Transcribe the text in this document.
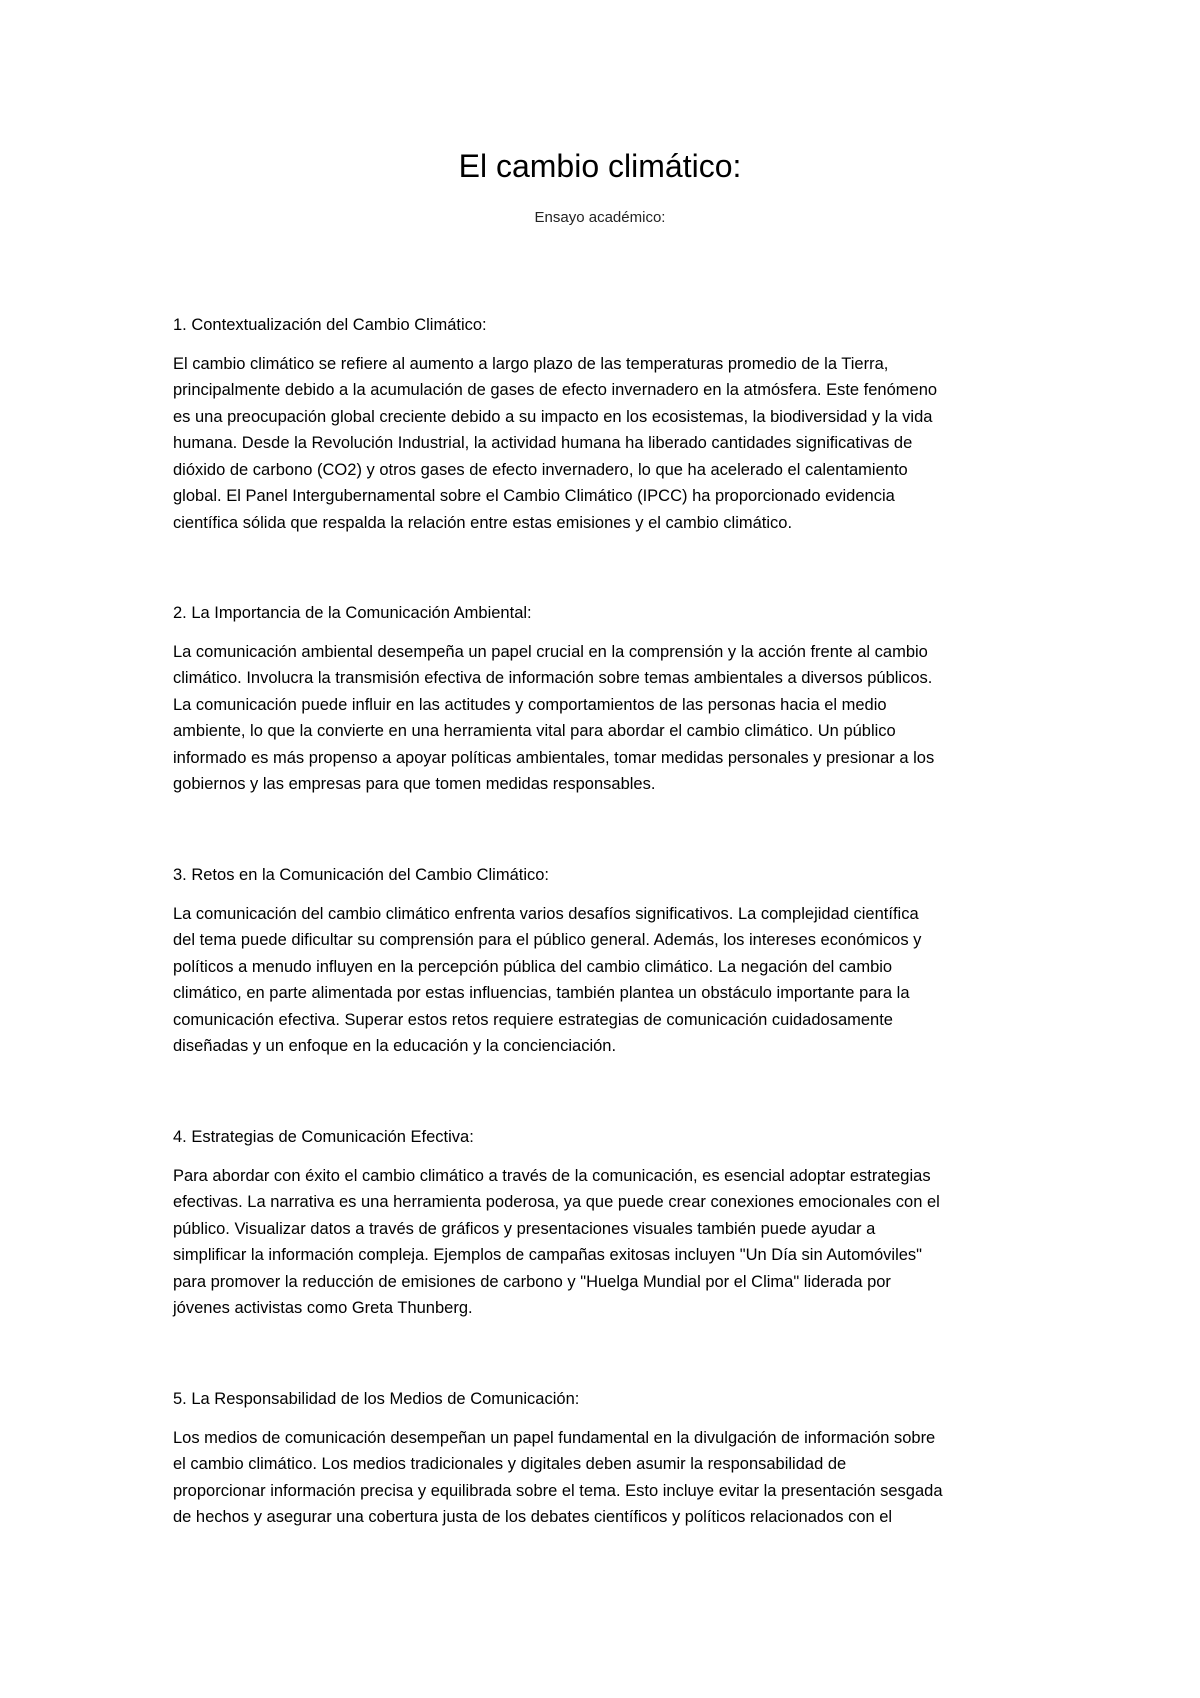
El cambio climático:

Ensayo académico:

1. Contextualización del Cambio Climático:

El cambio climático se refiere al aumento a largo plazo de las temperaturas promedio de la Tierra,
principalmente debido a la acumulación de gases de efecto invernadero en la atmósfera. Este fenómeno
es una preocupación global creciente debido a su impacto en los ecosistemas, la biodiversidad y la vida
humana. Desde la Revolución Industrial, la actividad humana ha liberado cantidades significativas de
dióxido de carbono (CO2) y otros gases de efecto invernadero, lo que ha acelerado el calentamiento
global. El Panel Intergubernamental sobre el Cambio Climático (IPCC) ha proporcionado evidencia
científica sólida que respalda la relación entre estas emisiones y el cambio climático.

2. La Importancia de la Comunicación Ambiental:

La comunicación ambiental desempeña un papel crucial en la comprensión y la acción frente al cambio
climático. Involucra la transmisión efectiva de información sobre temas ambientales a diversos públicos.
La comunicación puede influir en las actitudes y comportamientos de las personas hacia el medio
ambiente, lo que la convierte en una herramienta vital para abordar el cambio climático. Un público
informado es más propenso a apoyar políticas ambientales, tomar medidas personales y presionar a los
gobiernos y las empresas para que tomen medidas responsables.

3. Retos en la Comunicación del Cambio Climático:

La comunicación del cambio climático enfrenta varios desafíos significativos. La complejidad científica
del tema puede dificultar su comprensión para el público general. Además, los intereses económicos y
políticos a menudo influyen en la percepción pública del cambio climático. La negación del cambio
climático, en parte alimentada por estas influencias, también plantea un obstáculo importante para la
comunicación efectiva. Superar estos retos requiere estrategias de comunicación cuidadosamente
diseñadas y un enfoque en la educación y la concienciación.

4. Estrategias de Comunicación Efectiva:

Para abordar con éxito el cambio climático a través de la comunicación, es esencial adoptar estrategias
efectivas. La narrativa es una herramienta poderosa, ya que puede crear conexiones emocionales con el
público. Visualizar datos a través de gráficos y presentaciones visuales también puede ayudar a
simplificar la información compleja. Ejemplos de campañas exitosas incluyen "Un Día sin Automóviles"
para promover la reducción de emisiones de carbono y "Huelga Mundial por el Clima" liderada por
jóvenes activistas como Greta Thunberg.

5. La Responsabilidad de los Medios de Comunicación:

Los medios de comunicación desempeñan un papel fundamental en la divulgación de información sobre
el cambio climático. Los medios tradicionales y digitales deben asumir la responsabilidad de
proporcionar información precisa y equilibrada sobre el tema. Esto incluye evitar la presentación sesgada
de hechos y asegurar una cobertura justa de los debates científicos y políticos relacionados con el
